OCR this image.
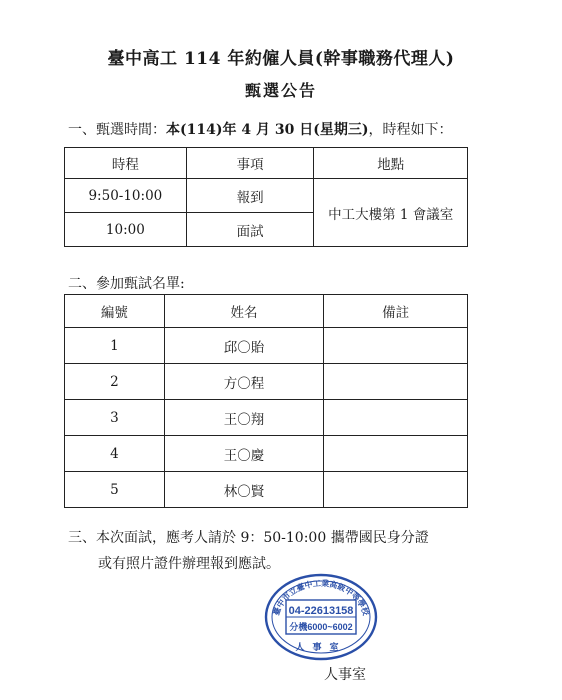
臺中高工 114 年約僱人員(幹事職務代理人)
甄選公告
一、甄選時間：本(114)年 4 月 30 日(星期三)，時程如下：
時程	事項	地點
9:50-10:00	報到	中工大樓第 1 會議室
10:00	面試	
二、參加甄試名單:
編號	姓名	備註
1	邱〇貽	
2	方〇程	
3	王〇翔	
4	王〇慶	
5	林〇賢	
三、本次面試，應考人請於 9：50-10:00 攜帶國民身分證
或有照片證件辦理報到應試。
臺中市立臺中工業高級中等學校
04-22613158
分機6000~6002
人事室
人事室
